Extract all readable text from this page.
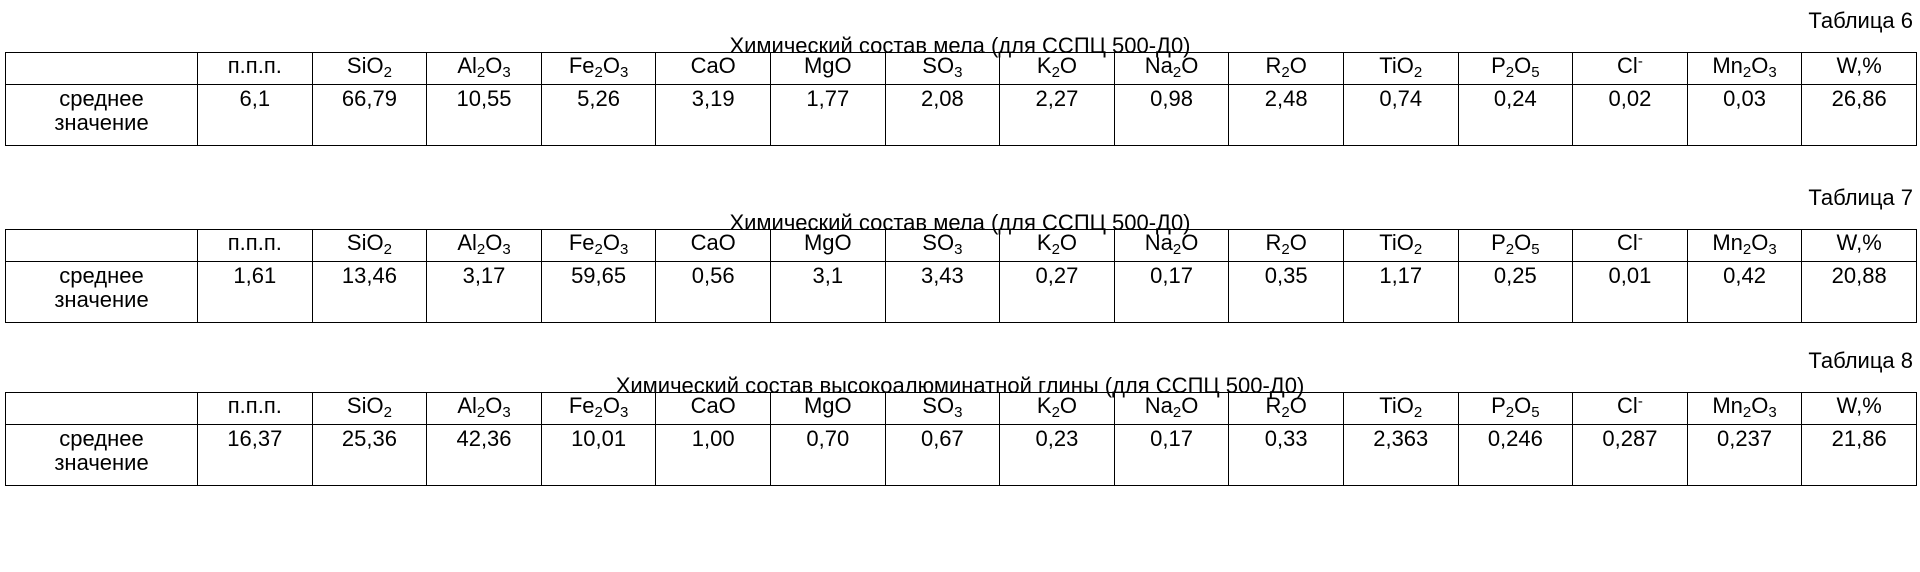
Таблица 6
Химический состав мела (для ССПЦ 500-Д0)
	п.п.п.	SiO$_2$	$Al_2O_3$	$Fe_2O_3$	CaO	MgO	$SO_3$	$K_2O$	$Na_2O$	$R_2O$	TiO$_2$	$P_2O_5$	Cl-	$Mn_2O_3$	W,%
среднее
значение	6,1	66,79	10,55	5,26	3,19	1,77	2,08	2,27	0,98	2,48	0,74	0,24	0,02	0,03	26,86
Таблица 7
Химический состав мела (для ССПЦ 500-Д0)
	п.п.п.	SiO$_2$	$Al_2O_3$	$Fe_2O_3$	CaO	MgO	$SO_3$	$K_2O$	$Na_2O$	$R_2O$	TiO$_2$	$P_2O_5$	Cl-	$Mn_2O_3$	W,%
среднее
значение	1,61	13,46	3,17	59,65	0,56	3,1	3,43	0,27	0,17	0,35	1,17	0,25	0,01	0,42	20,88
Таблица 8
Химический состав высокоалюминатной глины (для ССПЦ 500-Д0)
	п.п.п.	SiO$_2$	$Al_2O_3$	$Fe_2O_3$	CaO	MgO	$SO_3$	$K_2O$	$Na_2O$	$R_2O$	TiO$_2$	$P_2O_5$	Cl-	$Mn_2O_3$	W,%
среднее
значение	16,37	25,36	42,36	10,01	1,00	0,70	0,67	0,23	0,17	0,33	2,363	0,246	0,287	0,237	21,86
